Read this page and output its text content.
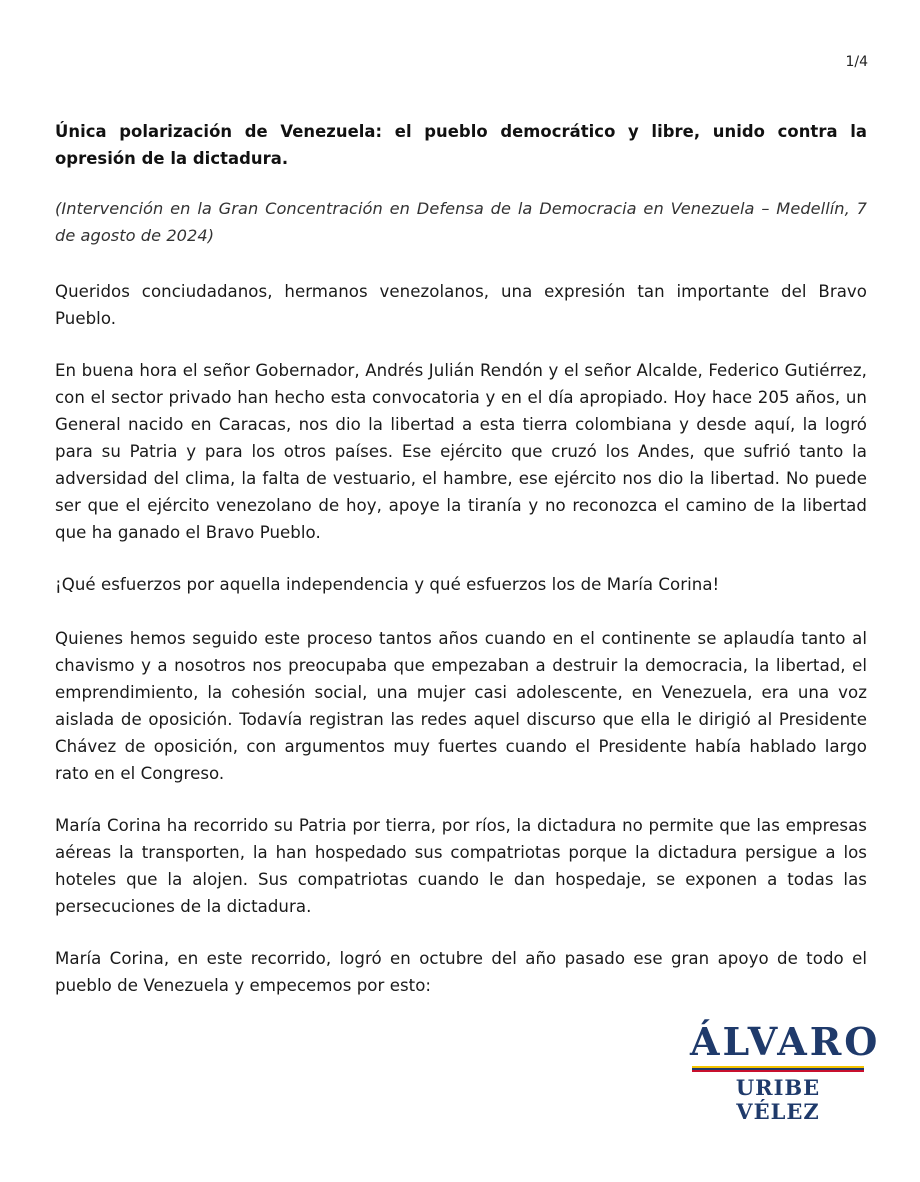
1/4

Única polarización de Venezuela: el pueblo democrático y libre, unido contra la opresión de la dictadura.

(Intervención en la Gran Concentración en Defensa de la Democracia en Venezuela – Medellín, 7 de agosto de 2024)

Queridos conciudadanos, hermanos venezolanos, una expresión tan importante del Bravo Pueblo.

En buena hora el señor Gobernador, Andrés Julián Rendón y el señor Alcalde, Federico Gutiérrez, con el sector privado han hecho esta convocatoria y en el día apropiado. Hoy hace 205 años, un General nacido en Caracas, nos dio la libertad a esta tierra colombiana y desde aquí, la logró para su Patria y para los otros países. Ese ejército que cruzó los Andes, que sufrió tanto la adversidad del clima, la falta de vestuario, el hambre, ese ejército nos dio la libertad. No puede ser que el ejército venezolano de hoy, apoye la tiranía y no reconozca el camino de la libertad que ha ganado el Bravo Pueblo.

¡Qué esfuerzos por aquella independencia y qué esfuerzos los de María Corina!

Quienes hemos seguido este proceso tantos años cuando en el continente se aplaudía tanto al chavismo y a nosotros nos preocupaba que empezaban a destruir la democracia, la libertad, el emprendimiento, la cohesión social, una mujer casi adolescente, en Venezuela, era una voz aislada de oposición. Todavía registran las redes aquel discurso que ella le dirigió al Presidente Chávez de oposición, con argumentos muy fuertes cuando el Presidente había hablado largo rato en el Congreso.

María Corina ha recorrido su Patria por tierra, por ríos, la dictadura no permite que las empresas aéreas la transporten, la han hospedado sus compatriotas porque la dictadura persigue a los hoteles que la alojen. Sus compatriotas cuando le dan hospedaje, se exponen a todas las persecuciones de la dictadura.

María Corina, en este recorrido, logró en octubre del año pasado ese gran apoyo de todo el pueblo de Venezuela y empecemos por esto:

ÁLVARO
URIBE VÉLEZ
